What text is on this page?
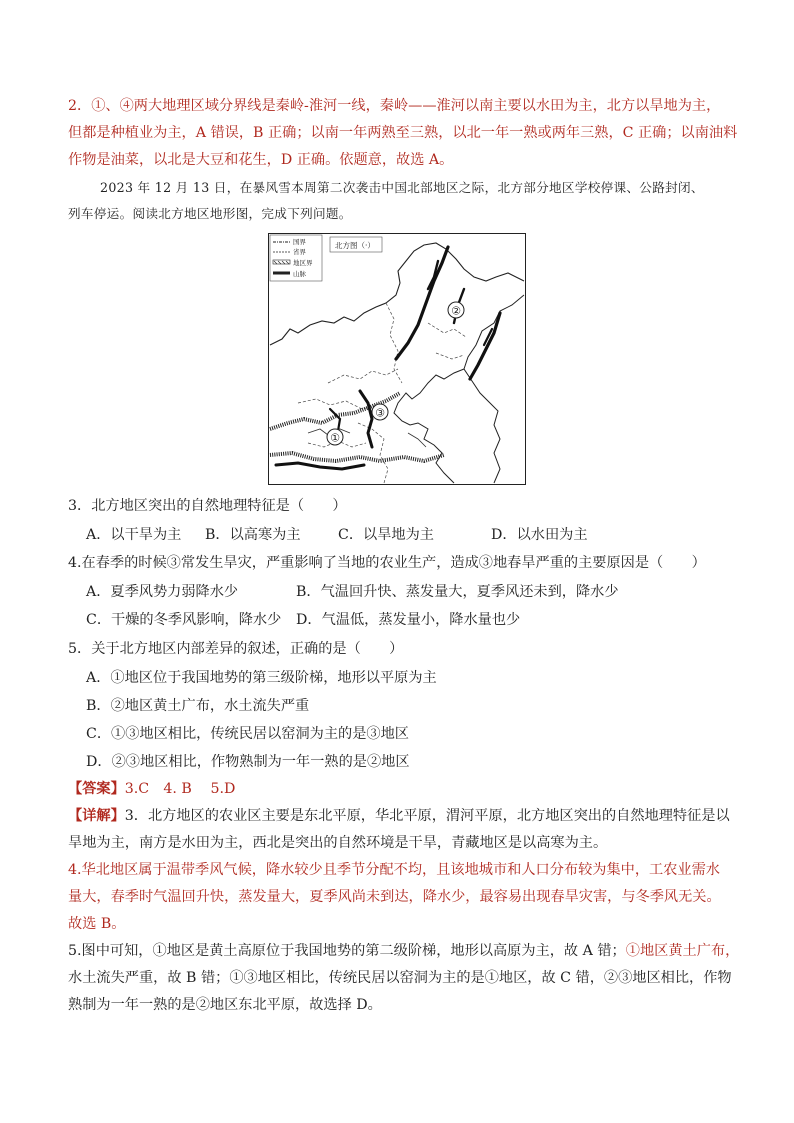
2．①、④两大地理区域分界线是秦岭-淮河一线，秦岭——淮河以南主要以水田为主，北方以旱地为主，
但都是种植业为主，A 错误，B 正确；以南一年两熟至三熟，以北一年一熟或两年三熟，C 正确；以南油料
作物是油菜，以北是大豆和花生，D 正确。依题意，故选 A。
2023 年 12 月 13 日，在暴风雪本周第二次袭击中国北部地区之际，北方部分地区学校停课、公路封闭、
列车停运。阅读北方地区地形图，完成下列问题。
国界
省界
地区界
山脉
北方图（·）
①
②
③
3．北方地区突出的自然地理特征是（　　）
A．以干旱为主 B．以高寒为主	C．以旱地为主	D．以水田为主
4.在春季的时候③常发生旱灾，严重影响了当地的农业生产，造成③地春旱严重的主要原因是（　　）
A．夏季风势力弱降水少	B．气温回升快、蒸发量大，夏季风还未到，降水少
C．干燥的冬季风影响，降水少 D．气温低，蒸发量小，降水量也少
5．关于北方地区内部差异的叙述，正确的是（　　）
A．①地区位于我国地势的第三级阶梯，地形以平原为主
B．②地区黄土广布，水土流失严重
C．①③地区相比，传统民居以窑洞为主的是③地区
D．②③地区相比，作物熟制为一年一熟的是②地区
【答案】3.C　4. B　 5.D
【详解】3．北方地区的农业区主要是东北平原，华北平原，渭河平原，北方地区突出的自然地理特征是以
旱地为主，南方是水田为主，西北是突出的自然环境是干旱，青藏地区是以高寒为主。
4.华北地区属于温带季风气候，降水较少且季节分配不均，且该地城市和人口分布较为集中，工农业需水
量大，春季时气温回升快，蒸发量大，夏季风尚未到达，降水少，最容易出现春旱灾害，与冬季风无关。
故选 B。
5.图中可知，①地区是黄土高原位于我国地势的第二级阶梯，地形以高原为主，故 A 错；①地区黄土广布，
水土流失严重，故 B 错；①③地区相比，传统民居以窑洞为主的是①地区，故 C 错，②③地区相比，作物
熟制为一年一熟的是②地区东北平原，故选择 D。
